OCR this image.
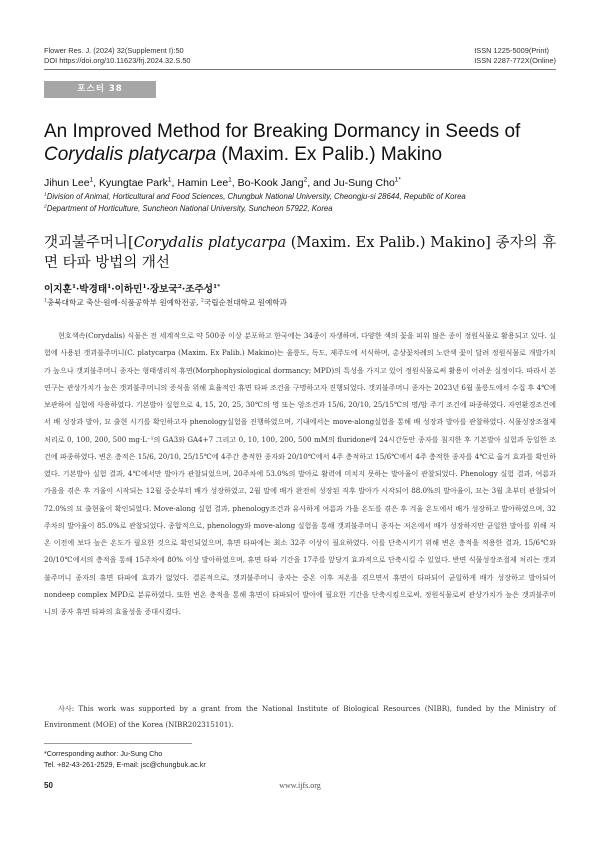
Flower Res. J. (2024) 32(Supplement I):50
DOI https://doi.org/10.11623/frj.2024.32.S.50
ISSN 1225-5009(Print)
ISSN 2287-772X(Online)
포스터 38
An Improved Method for Breaking Dormancy in Seeds of Corydalis platycarpa (Maxim. Ex Palib.) Makino
Jihun Lee$^1$, Kyungtae Park$^1$, Hamin Lee$^1$, Bo-Kook Jang$^2$, and Ju-Sung Cho$^{1*}$
$^1$Division of Animal, Horticultural and Food Sciences, Chungbuk National University, Cheongju-si 28644, Republic of Korea
$^2$Department of Horticulture, Suncheon National University, Suncheon 57922, Korea
갯괴불주머니[Corydalis platycarpa (Maxim. Ex Palib.) Makino] 종자의 휴면 타파 방법의 개선
이지훈$^1$·박경태$^1$·이하민$^1$·장보국$^2$·조주성$^{1*}$
$^1$충북대학교 축산·원예·식품공학부 원예학전공, $^2$국립순천대학교 원예학과

현호색속(Corydalis) 식물은 전 세계적으로 약 500종 이상 분포하고 한국에는 34종이 자생하며, 다양한 색의 꽃을 피워 많은 종이 정원식물로 활용되고 있다. 실험에 사용된 갯괴불주머니(C. platycarpa (Maxim. Ex Palib.) Makino)는 울릉도, 독도, 제주도에 서식하며, 총상꽃차례의 노란색 꽃이 달려 정원식물로 개발가치가 높으나 갯괴불주머니 종자는 형태생리적 휴면(Morphophysiological dormancy; MPD)의 특성을 가지고 있어 정원식물로써 활용이 어려운 실정이다. 따라서 본 연구는 관상가치가 높은 갯괴불주머니의 증식을 위해 효율적인 휴면 타파 조건을 구명하고자 진행되었다. 갯괴불주머니 종자는 2023년 6월 울릉도에서 수집 후 4℃에 보관하여 실험에 사용하였다. 기본발아 실험으로 4, 15, 20, 25, 30℃의 명 또는 암조건과 15/6, 20/10, 25/15℃의 명/암 주기 조건에 파종하였다. 자연환경조건에서 배 성장과 발아, 묘 출현 시기를 확인하고자 phenology실험을 진행하였으며, 기내에서는 move-along실험을 통해 배 성장과 발아를 관찰하였다. 식물성장조절제 처리로 0, 100, 200, 500 mg·L⁻¹의 GA3와 GA4+7 그리고 0, 10, 100, 200, 500 mM의 fluridone에 24시간동안 종자를 침지한 후 기본발아 실험과 동일한 조건에 파종하였다. 변온 층적은 15/6, 20/10, 25/15℃에 4주간 층적한 종자와 20/10℃에서 4주 층적하고 15/6℃에서 4주 층적한 종자를 4℃로 옮겨 효과를 확인하였다. 기본발아 실험 결과, 4℃에서만 발아가 관찰되었으며, 20주차에 53.0%의 발아로 활력에 미치지 못하는 발아율이 관찰되었다. Phenology 실험 결과, 여름과 가을을 겪은 후 겨울이 시작되는 12월 중순부터 배가 성장하였고, 2월 말에 배가 완전히 성장된 직후 발아가 시작되어 88.0%의 발아율이, 묘는 3월 초부터 관찰되어 72.0%의 묘 출현율이 확인되었다. Move-along 실험 결과, phenology조건과 유사하게 여름과 가을 온도를 겪은 후 겨울 온도에서 배가 성장하고 발아하였으며, 32주차의 발아율이 85.0%로 관찰되었다. 종합적으로, phenology와 move-along 실험을 통해 갯괴불주머니 종자는 저온에서 배가 성장하지만 균일한 발아를 위해 저온 이전에 보다 높은 온도가 필요한 것으로 확인되었으며, 휴면 타파에는 최소 32주 이상이 필요하였다. 이를 단축시키기 위해 변온 층적을 적용한 결과, 15/6℃와 20/10℃에서의 층적을 통해 15주차에 80% 이상 발아하였으며, 휴면 타파 기간을 17주를 앞당겨 효과적으로 단축시킬 수 있었다. 반면 식물성장조절제 처리는 갯괴불주머니 종자의 휴면 타파에 효과가 없었다. 결론적으로, 갯괴불주머니 종자는 중온 이후 저온을 겪으면서 휴면이 타파되어 균일하게 배가 성장하고 발아되어 nondeep complex MPD로 분류하였다. 또한 변온 층적을 통해 휴면이 타파되어 발아에 필요한 기간을 단축시킴으로써, 정원식물로써 관상가치가 높은 갯괴불주머니의 종자 휴면 타파의 효율성을 증대시켰다.

사사: This work was supported by a grant from the National Institute of Biological Resources (NIBR), funded by the Ministry of Environment (MOE) of the Korea (NIBR202315101).

*Corresponding author: Ju-Sung Cho
Tel. +82-43-261-2529, E-mail: jsc@chungbuk.ac.kr
50	www.ijfs.org
